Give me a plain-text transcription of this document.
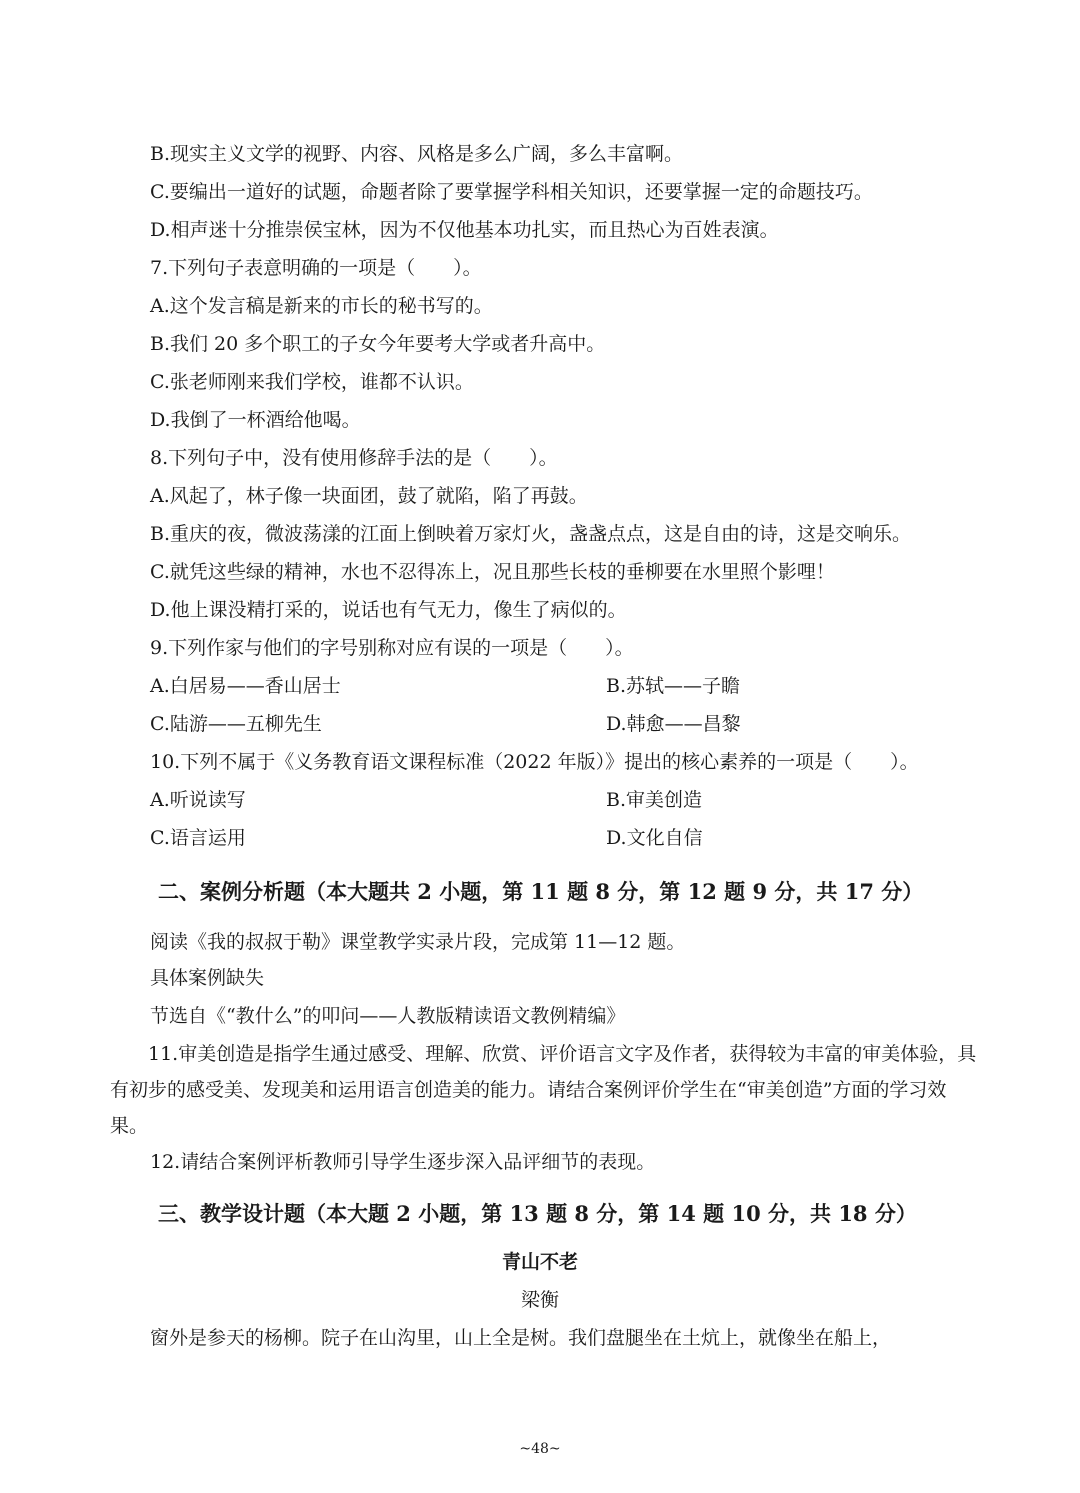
B.现实主义文学的视野、内容、风格是多么广阔，多么丰富啊。
C.要编出一道好的试题，命题者除了要掌握学科相关知识，还要掌握一定的命题技巧。
D.相声迷十分推崇侯宝林，因为不仅他基本功扎实，而且热心为百姓表演。
7.下列句子表意明确的一项是（　　）。
A.这个发言稿是新来的市长的秘书写的。
B.我们 20 多个职工的子女今年要考大学或者升高中。
C.张老师刚来我们学校，谁都不认识。
D.我倒了一杯酒给他喝。
8.下列句子中，没有使用修辞手法的是（　　）。
A.风起了，林子像一块面团，鼓了就陷，陷了再鼓。
B.重庆的夜，微波荡漾的江面上倒映着万家灯火，盏盏点点，这是自由的诗，这是交响乐。
C.就凭这些绿的精神，水也不忍得冻上，况且那些长枝的垂柳要在水里照个影哩！
D.他上课没精打采的，说话也有气无力，像生了病似的。
9.下列作家与他们的字号别称对应有误的一项是（　　）。
A.白居易——香山居士	B.苏轼——子瞻
C.陆游——五柳先生	D.韩愈——昌黎
10.下列不属于《义务教育语文课程标准（2022 年版）》提出的核心素养的一项是（　　）。
A.听说读写	B.审美创造
C.语言运用	D.文化自信
二、案例分析题（本大题共 2 小题，第 11 题 8 分，第 12 题 9 分，共 17 分）
阅读《我的叔叔于勒》课堂教学实录片段，完成第 11—12 题。
具体案例缺失
节选自《“教什么”的叩问——人教版精读语文教例精编》
11.审美创造是指学生通过感受、理解、欣赏、评价语言文字及作者，获得较为丰富的审美体验，具有初步的感受美、发现美和运用语言创造美的能力。请结合案例评价学生在“审美创造”方面的学习效果。
12.请结合案例评析教师引导学生逐步深入品评细节的表现。
三、教学设计题（本大题 2 小题，第 13 题 8 分，第 14 题 10 分，共 18 分）
青山不老
梁衡
窗外是参天的杨柳。院子在山沟里，山上全是树。我们盘腿坐在土炕上，就像坐在船上，
~48~
